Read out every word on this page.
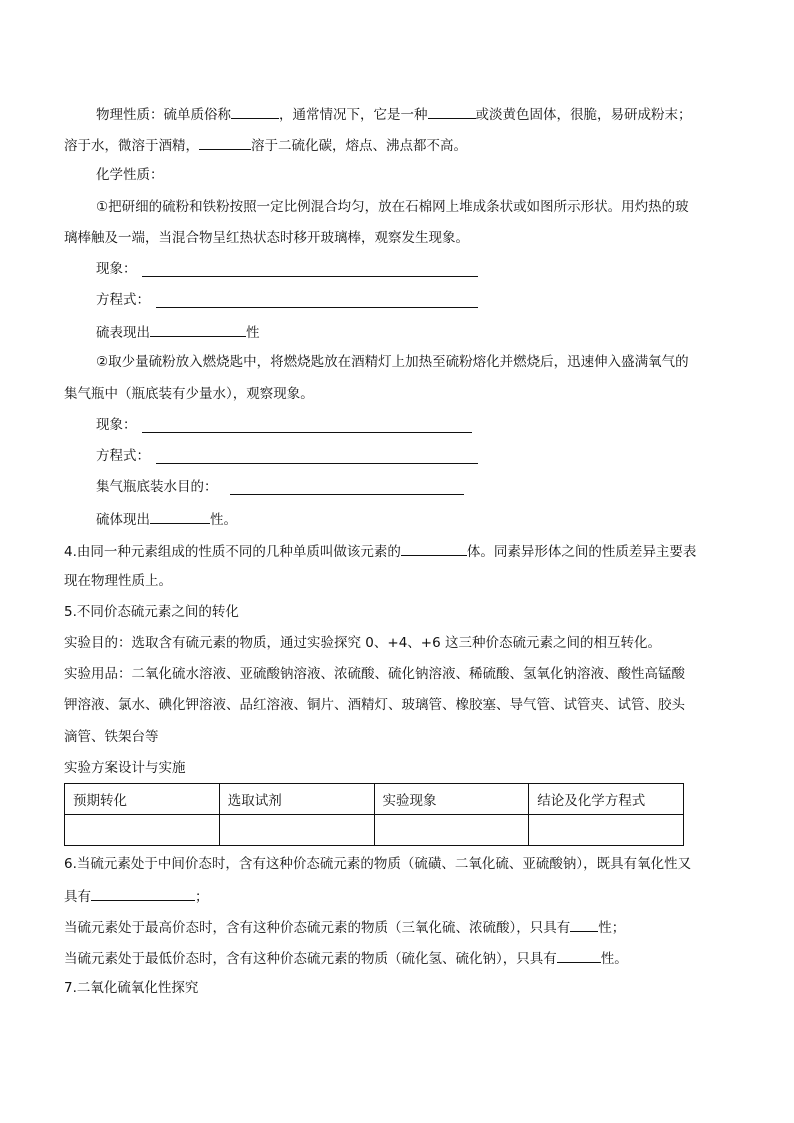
物理性质：硫单质俗称	，通常情况下，它是一种	或淡黄色固体，很脆，易研成粉末；
溶于水，微溶于酒精，	溶于二硫化碳，熔点、沸点都不高。
化学性质：
①把研细的硫粉和铁粉按照一定比例混合均匀，放在石棉网上堆成条状或如图所示形状。用灼热的玻
璃棒触及一端，当混合物呈红热状态时移开玻璃棒，观察发生现象。
现象：
方程式：
硫表现出	性
②取少量硫粉放入燃烧匙中，将燃烧匙放在酒精灯上加热至硫粉熔化并燃烧后，迅速伸入盛满氧气的
集气瓶中（瓶底装有少量水），观察现象。
现象：
方程式：
集气瓶底装水目的：
硫体现出	性。
4.由同一种元素组成的性质不同的几种单质叫做该元素的	体。同素异形体之间的性质差异主要表
现在物理性质上。
5.不同价态硫元素之间的转化
实验目的：选取含有硫元素的物质，通过实验探究 0、+4、+6 这三种价态硫元素之间的相互转化。
实验用品：二氧化硫水溶液、亚硫酸钠溶液、浓硫酸、硫化钠溶液、稀硫酸、氢氧化钠溶液、酸性高锰酸
钾溶液、氯水、碘化钾溶液、品红溶液、铜片、酒精灯、玻璃管、橡胶塞、导气管、试管夹、试管、胶头
滴管、铁架台等
实验方案设计与实施
预期转化	选取试剂	实验现象	结论及化学方程式

6.当硫元素处于中间价态时，含有这种价态硫元素的物质（硫磺、二氧化硫、亚硫酸钠），既具有氧化性又
具有	；
当硫元素处于最高价态时，含有这种价态硫元素的物质（三氧化硫、浓硫酸），只具有 性；
当硫元素处于最低价态时，含有这种价态硫元素的物质（硫化氢、硫化钠），只具有	性。
7.二氧化硫氧化性探究
